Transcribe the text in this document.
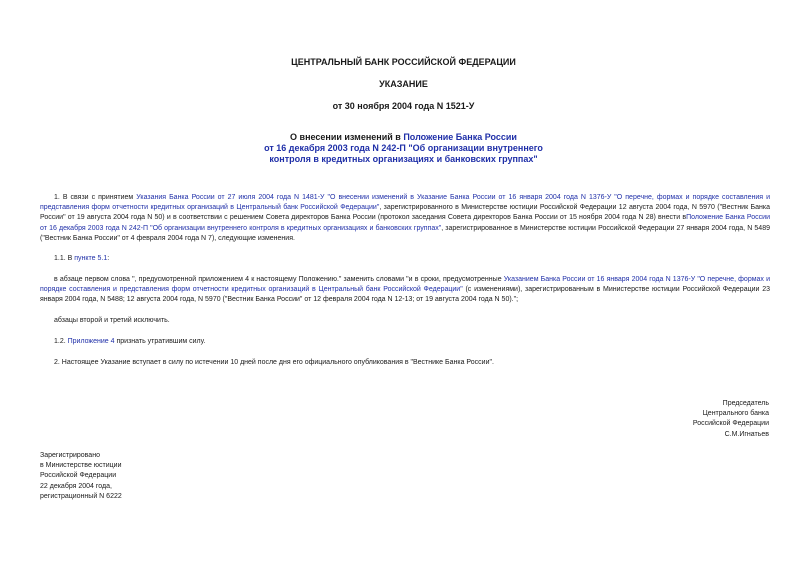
ЦЕНТРАЛЬНЫЙ БАНК РОССИЙСКОЙ ФЕДЕРАЦИИ
УКАЗАНИЕ
от 30 ноября 2004 года N 1521-У
О внесении изменений в Положение Банка России
от 16 декабря 2003 года N 242-П "Об организации внутреннего
контроля в кредитных организациях и банковских группах"
1. В связи с принятием Указания Банка России от 27 июля 2004 года N 1481-У "О внесении изменений в Указание Банка России от 16 января 2004 года N 1376-У "О перечне, формах и порядке составления и представления форм отчетности кредитных организаций в Центральный банк Российской Федерации", зарегистрированного в Министерстве юстиции Российской Федерации 12 августа 2004 года, N 5970 ("Вестник Банка России" от 19 августа 2004 года N 50) и в соответствии с решением Совета директоров Банка России (протокол заседания Совета директоров Банка России от 15 ноября 2004 года N 28) внести вПоложение Банка России от 16 декабря 2003 года N 242-П "Об организации внутреннего контроля в кредитных организациях и банковских группах", зарегистрированное в Министерстве юстиции Российской Федерации 27 января 2004 года, N 5489 ("Вестник Банка России" от 4 февраля 2004 года N 7), следующие изменения.
1.1. В пункте 5.1:
в абзаце первом слова ", предусмотренной приложением 4 к настоящему Положению." заменить словами "и в сроки, предусмотренные Указанием Банка России от 16 января 2004 года N 1376-У "О перечне, формах и порядке составления и представления форм отчетности кредитных организаций в Центральный банк Российской Федерации" (с изменениями), зарегистрированным в Министерстве юстиции Российской Федерации 23 января 2004 года, N 5488; 12 августа 2004 года, N 5970 ("Вестник Банка России" от 12 февраля 2004 года N 12-13; от 19 августа 2004 года N 50).";
абзацы второй и третий исключить.
1.2. Приложение 4 признать утратившим силу.
2. Настоящее Указание вступает в силу по истечении 10 дней после дня его официального опубликования в "Вестнике Банка России".
Председатель
Центрального банка
Российской Федерации
С.М.Игнатьев
Зарегистрировано
в Министерстве юстиции
Российской Федерации
22 декабря 2004 года,
регистрационный N 6222
